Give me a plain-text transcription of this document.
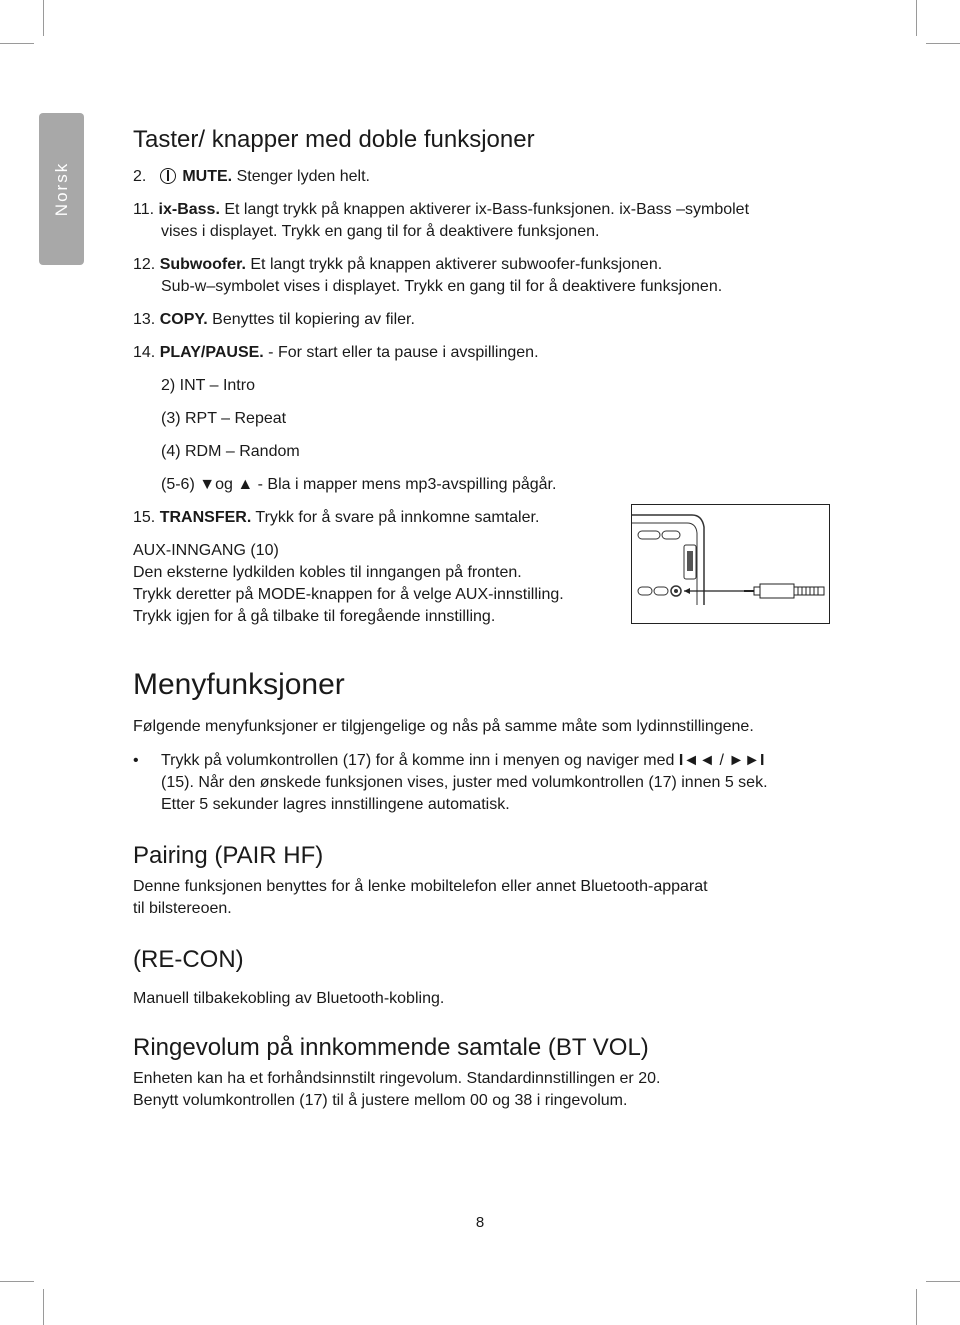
Norsk
Taster/ knapper med doble funksjoner

2. MUTE. Stenger lyden helt.

11. ix-Bass. Et langt trykk på knappen aktiverer ix-Bass-funksjonen. ix-Bass –symbolet
vises i displayet. Trykk en gang til for å deaktivere funksjonen.

12. Subwoofer. Et langt trykk på knappen aktiverer subwoofer-funksjonen.
Sub-w–symbolet vises i displayet. Trykk en gang til for å deaktivere funksjonen.

13. COPY. Benyttes til kopiering av filer.

14. PLAY/PAUSE. - For start eller ta pause i avspillingen.

2) INT – Intro

(3) RPT – Repeat

(4) RDM – Random

(5-6) ▼og ▲ - Bla i mapper mens mp3-avspilling pågår.

15. TRANSFER. Trykk for å svare på innkomne samtaler.

AUX-INNGANG (10)

Den eksterne lydkilden kobles til inngangen på fronten.

Trykk deretter på MODE-knappen for å velge AUX-innstilling.

Trykk igjen for å gå tilbake til foregående innstilling.

Menyfunksjoner

Følgende menyfunksjoner er tilgjengelige og nås på samme måte som lydinnstillingene.

•	Trykk på volumkontrollen (17) for å komme inn i menyen og naviger med I◄◄ / ►►I

(15). Når den ønskede funksjonen vises, juster med volumkontrollen (17) innen 5 sek.

Etter 5 sekunder lagres innstillingene automatisk.

Pairing (PAIR HF)

Denne funksjonen benyttes for å lenke mobiltelefon eller annet Bluetooth-apparat

til bilstereoen.

(RE-CON)

Manuell tilbakekobling av Bluetooth-kobling.

Ringevolum på innkommende samtale (BT VOL)

Enheten kan ha et forhåndsinnstilt ringevolum. Standardinnstillingen er 20.

Benytt volumkontrollen (17) til å justere mellom 00 og 38 i ringevolum.

8
